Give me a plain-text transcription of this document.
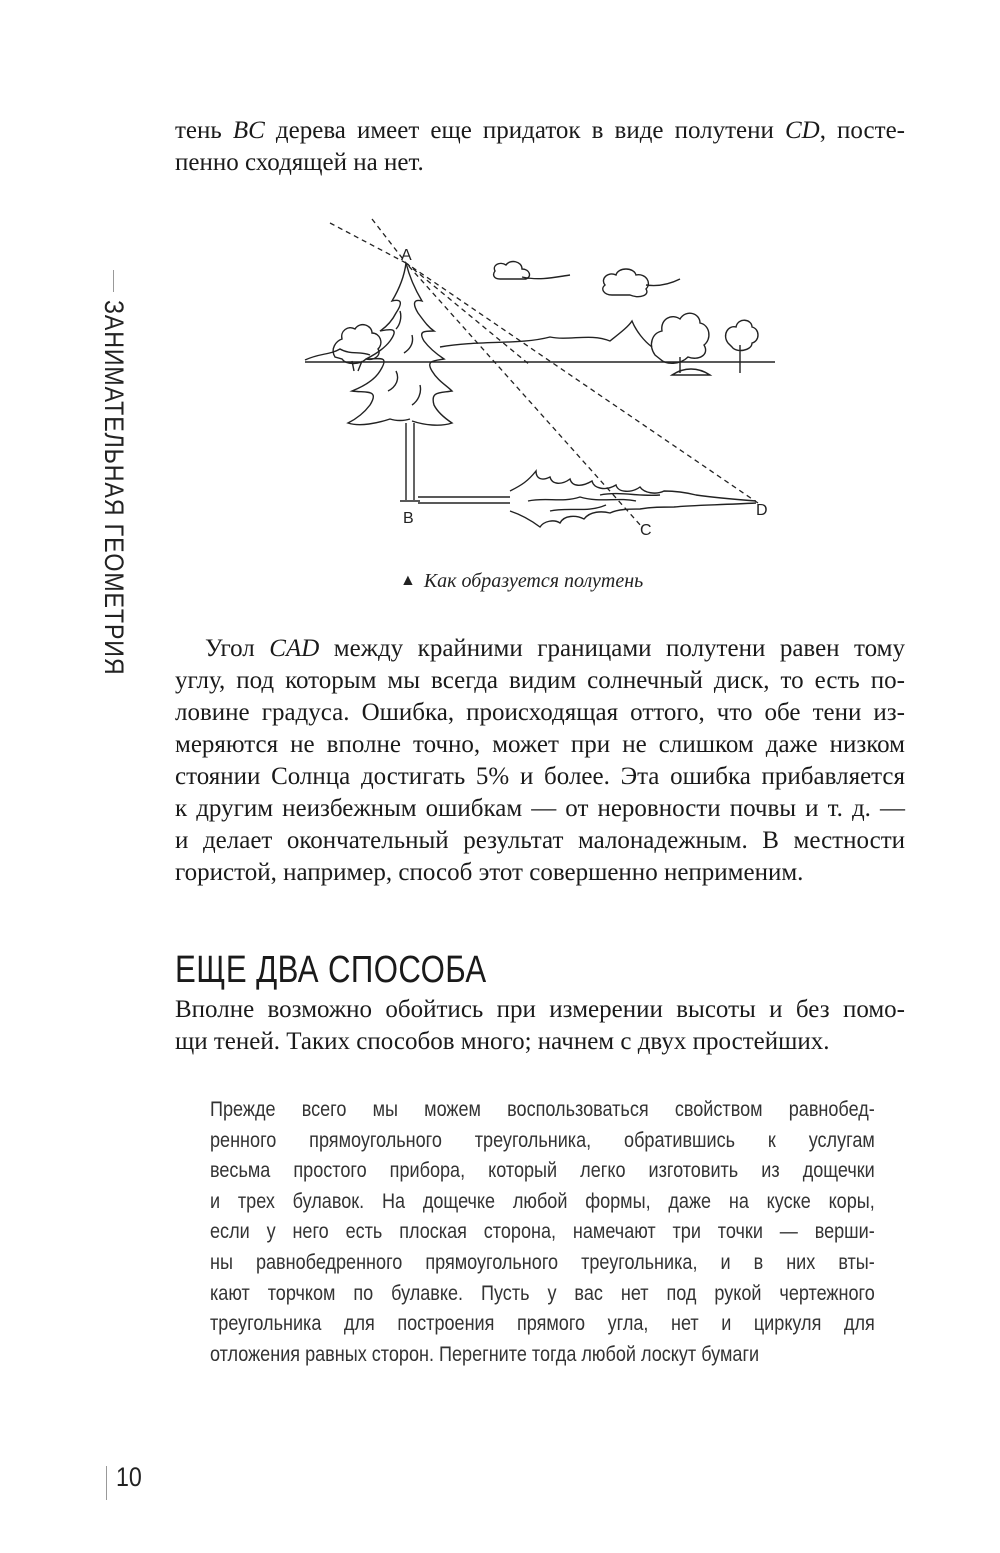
ЗАНИМАТЕЛЬНАЯ ГЕОМЕТРИЯ

тень BC дерева имеет еще придаток в виде полутени CD, посте-
пенно сходящей на нет.

A
B
C
D
▲ Как образуется полутень

Угол CAD между крайними границами полутени равен тому
углу, под которым мы всегда видим солнечный диск, то есть по-
ловине градуса. Ошибка, происходящая оттого, что обе тени из-
меряются не вполне точно, может при не слишком даже низком
стоянии Солнца достигать 5% и более. Эта ошибка прибавляется
к другим неизбежным ошибкам — от неровности почвы и т. д. —
и делает окончательный результат малонадежным. В местности
гористой, например, способ этот совершенно неприменим.

ЕЩЕ ДВА СПОСОБА

Вполне возможно обойтись при измерении высоты и без помо-
щи теней. Таких способов много; начнем с двух простейших.

Прежде всего мы можем воспользоваться свойством равнобед-
ренного прямоугольного треугольника, обратившись к услугам
весьма простого прибора, который легко изготовить из дощечки
и трех булавок. На дощечке любой формы, даже на куске коры,
если у него есть плоская сторона, намечают три точки — верши-
ны равнобедренного прямоугольного треугольника, и в них вты-
кают торчком по булавке. Пусть у вас нет под рукой чертежного
треугольника для построения прямого угла, нет и циркуля для
отложения равных сторон. Перегните тогда любой лоскут бумаги

10
